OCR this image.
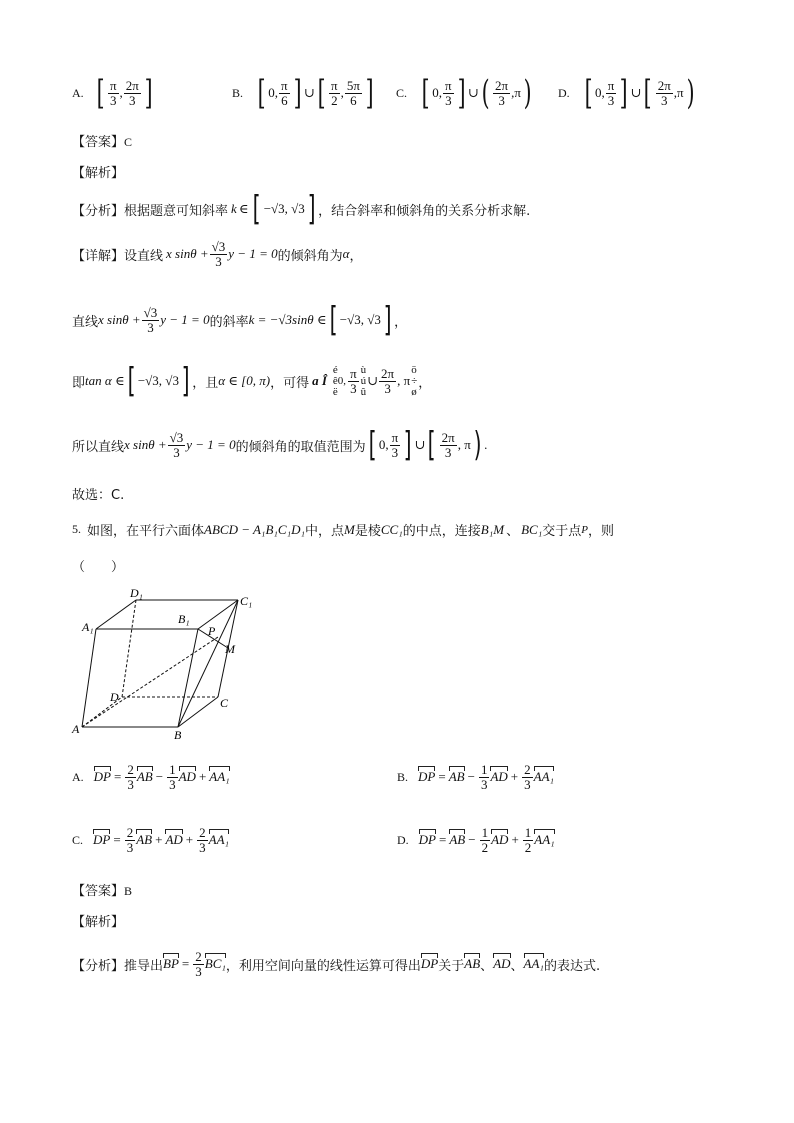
A. [ $\frac{\pi}{3}$ , $\frac{2\pi}{3}$ ]	B. [ 0, $\frac{\pi}{6}$ ] ∪ [ $\frac{\pi}{2}$ , $\frac{5\pi}{6}$ ] C. [ 0, $\frac{\pi}{3}$ ] ∪ ( $\frac{2\pi}{3} ,\pi$ ) D. [ 0, $\frac{\pi}{3}$ ] ∪ [ $\frac{2\pi}{3} ,\pi$ )
【答案】C
【解析】
【分析】 根据题意可知斜率 k ∈ [ −√3, √3 ] ，结合斜率和倾斜角的关系分析求解.
【详解】 设直线 x $\sin\theta + \frac{√3}{3}$ y − 1 = 0 的倾斜角为 α ，
直线 x $\sin\theta + \frac{√3}{3}$ y − 1 = 0 的斜率 k = −√3sinθ ∈ [ −√3, √3 ] ，
即 tan α ∈ [ −√3, √3 ] ，且 α ∈ [0, π) ，可得 a Î
é
ê0,
ë $\frac{\pi}{3}$ ù
ú
û
∪ $\frac{2\pi}{3}$ , π
ö
÷
ø
，
所以直线 x $\sin\theta + \frac{√3}{3}$ y − 1 = 0 的倾斜角的取值范围为 [ 0, $\frac{\pi}{3}$ ] ∪ [ $\frac{2\pi}{3}$ , π ) .
故选：C.
5. 如图，在平行六面体 ABCD − A₁B₁C₁D₁ 中，点 M 是棱 CC₁ 的中点，连接 B₁M 、 BC₁ 交于点 P ，则
（　　）
D₁
C₁
A₁
B₁
P
M
D	C
A	B
A. DP = $\frac{2}{3}$ AB − $\frac{1}{3}$ AD + AA₁	B. DP = AB − $\frac{1}{3}$ AD + $\frac{2}{3} AA_1$
C. DP = $\frac{2}{3}$ AB + AD + $\frac{2}{3} AA_1$	D. DP = AB − $\frac{1}{2}$ AD + $\frac{1}{2} AA_1$
【答案】B
【解析】
【分析】 推导出 BP = $\frac{2}{3} BC_1$ ，利用空间向量的线性运算可得出 DP 关于 AB 、 AD 、 AA₁ 的表达式.
